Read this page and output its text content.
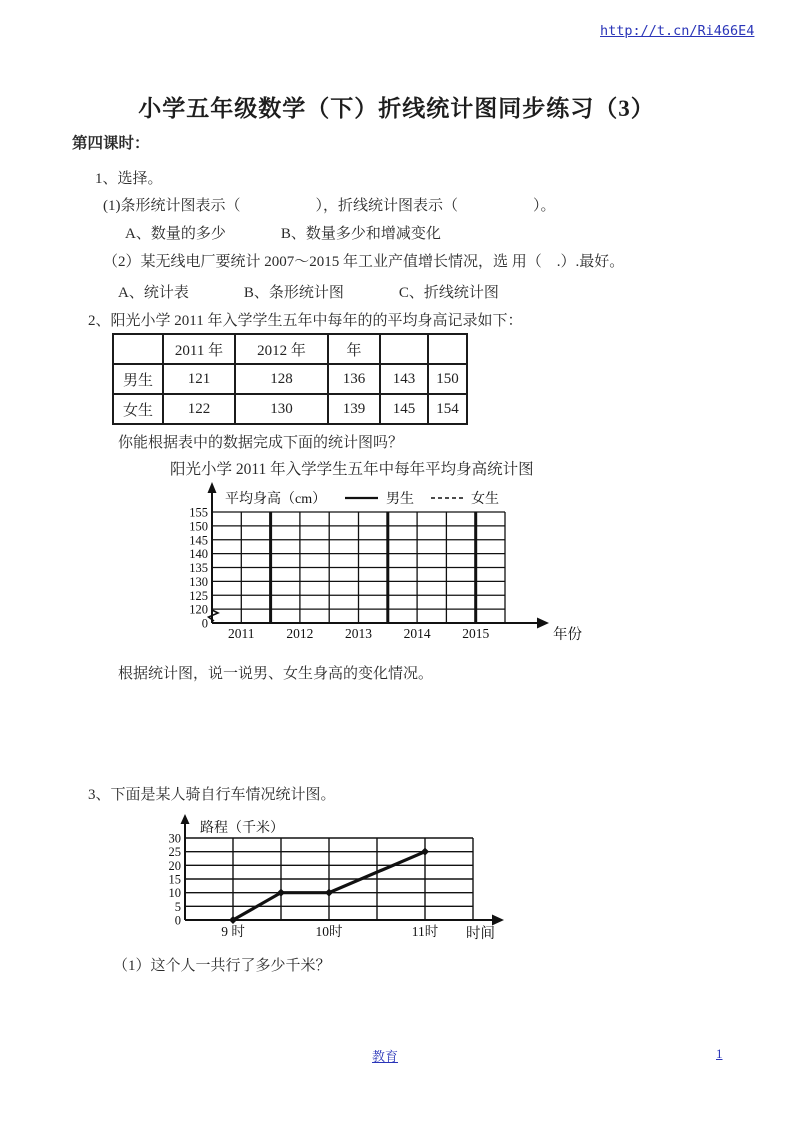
http://t.cn/Ri466E4
小学五年级数学（下）折线统计图同步练习（3）
第四课时：
1、选择。
(1)条形统计图表示（　　　　　），折线统计图表示（　　　　　）。
A、数量的多少	B、数量多少和增减变化
（2）某无线电厂要统计 2007～2015 年工业产值增长情况，选 用（　.）.最好。
A、统计表	B、条形统计图	C、折线统计图
2、阳光小学 2011 年入学学生五年中每年的的平均身高记录如下：
	2011 年	2012 年	年		
男生	121	128	136	143	150
女生	122	130	139	145	154
你能根据表中的数据完成下面的统计图吗？
阳光小学 2011 年入学学生五年中每年平均身高统计图
155
150
145
140
135
130
125
120
0
2011 2012 2013 2014 2015
平均身高（cm）	男生	女生
年份
根据统计图，说一说男、女生身高的变化情况。
3、下面是某人骑自行车情况统计图。
30
25
20
15
10
5
0
9 时	10时	11时
路程（千米）
时间
（1）这个人一共行了多少千米？
教育	1
